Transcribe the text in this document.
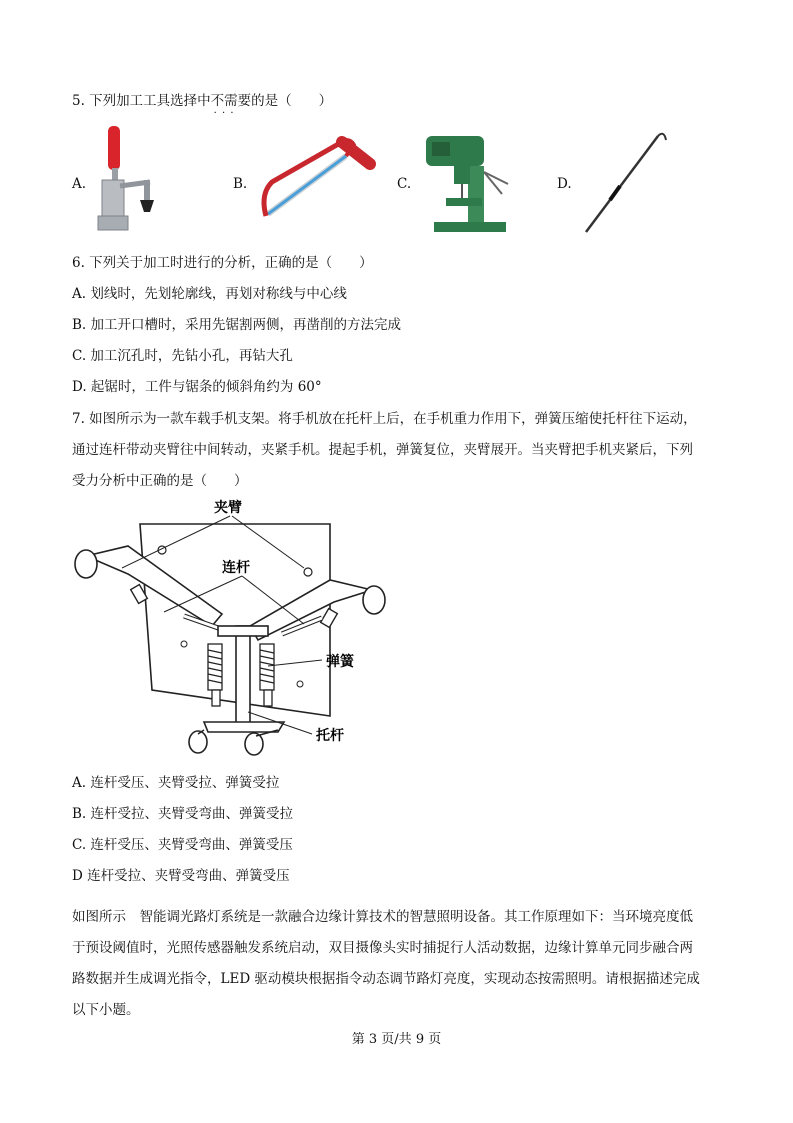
5. 下列加工工具选择中不需要 · · ·的是（　　）
A.	B.	C.	D.
6. 下列关于加工时进行的分析，正确的是（　　）
A. 划线时，先划轮廓线，再划对称线与中心线
B. 加工开口槽时，采用先锯割两侧，再凿削的方法完成
C. 加工沉孔时，先钻小孔，再钻大孔
D. 起锯时，工件与锯条的倾斜角约为 60°
7. 如图所示为一款车载手机支架。将手机放在托杆上后，在手机重力作用下，弹簧压缩使托杆往下运动，
通过连杆带动夹臂往中间转动，夹紧手机。提起手机，弹簧复位，夹臂展开。当夹臂把手机夹紧后，下列
受力分析中正确的是（　　）
夹臂
连杆
弹簧
托杆
A. 连杆受压、夹臂受拉、弹簧受拉
B. 连杆受拉、夹臂受弯曲、弹簧受拉
C. 连杆受压、夹臂受弯曲、弹簧受压
D 连杆受拉、夹臂受弯曲、弹簧受压
如图所示　智能调光路灯系统是一款融合边缘计算技术的智慧照明设备。其工作原理如下：当环境亮度低
于预设阈值时，光照传感器触发系统启动，双目摄像头实时捕捉行人活动数据，边缘计算单元同步融合两
路数据并生成调光指令，LED 驱动模块根据指令动态调节路灯亮度，实现动态按需照明。请根据描述完成
以下小题。
第 3 页/共 9 页
